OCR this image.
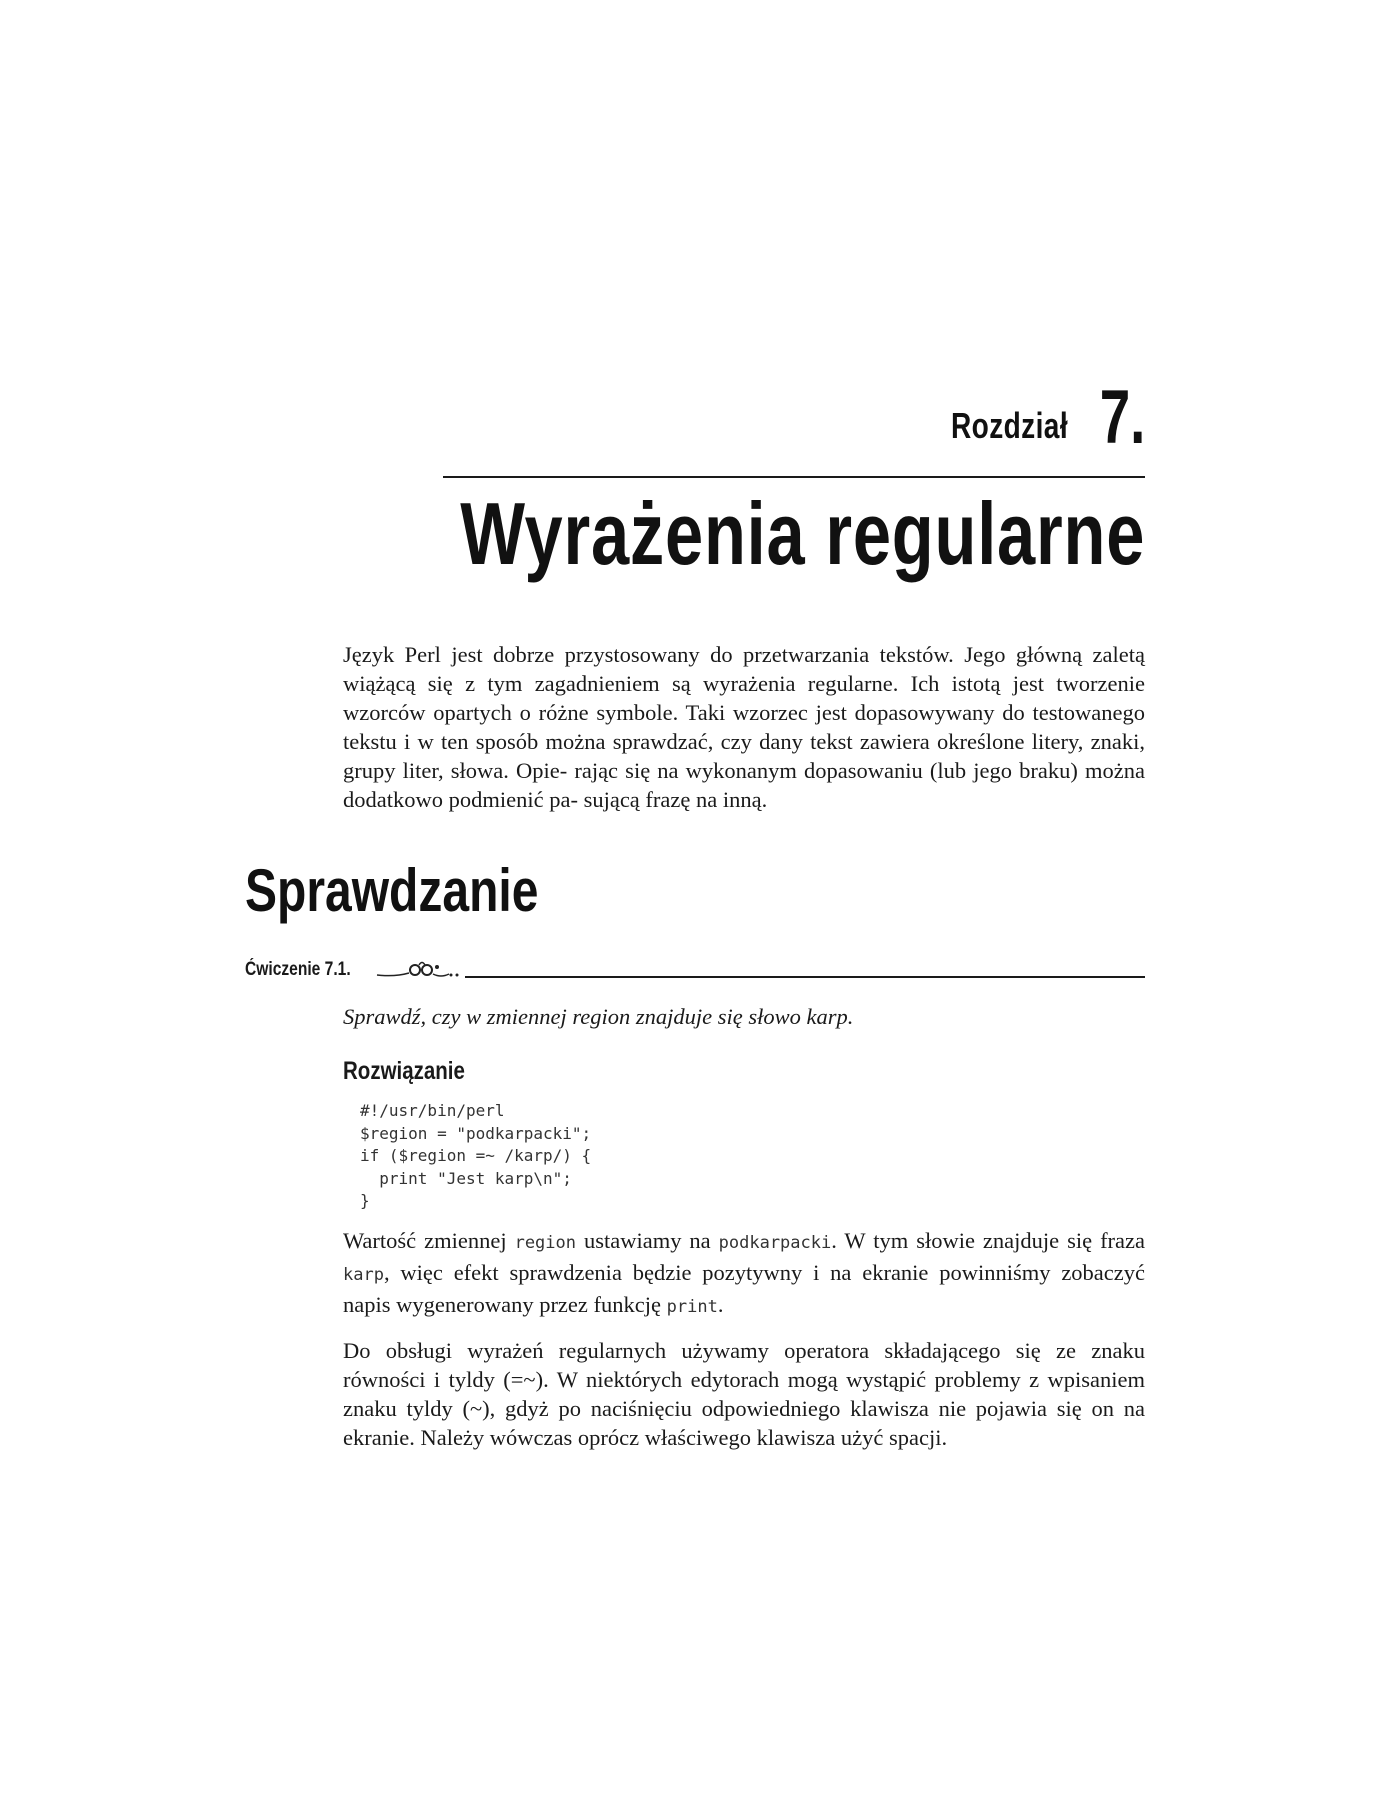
Rozdział 7.
Wyrażenia regularne

Język Perl jest dobrze przystosowany do przetwarzania tekstów. Jego główną zaletą wiążącą się z tym zagadnieniem są wyrażenia regularne. Ich istotą jest tworzenie wzorców opartych o różne symbole. Taki wzorzec jest dopasowywany do testowanego tekstu i w ten sposób można sprawdzać, czy dany tekst zawiera określone litery, znaki, grupy liter, słowa. Opie- rając się na wykonanym dopasowaniu (lub jego braku) można dodatkowo podmienić pa- sującą frazę na inną.

Sprawdzanie
Ćwiczenie 7.1.

Sprawdź, czy w zmiennej region znajduje się słowo karp.

Rozwiązanie
#!/usr/bin/perl
$region = "podkarpacki";
if ($region =~ /karp/) {
print "Jest karp\n";
}

Wartość zmiennej region ustawiamy na podkarpacki. W tym słowie znajduje się fraza karp, więc efekt sprawdzenia będzie pozytywny i na ekranie powinniśmy zobaczyć napis wygenerowany przez funkcję print.

Do obsługi wyrażeń regularnych używamy operatora składającego się ze znaku równości i tyldy (=~). W niektórych edytorach mogą wystąpić problemy z wpisaniem znaku tyldy (~), gdyż po naciśnięciu odpowiedniego klawisza nie pojawia się on na ekranie. Należy wówczas oprócz właściwego klawisza użyć spacji.
